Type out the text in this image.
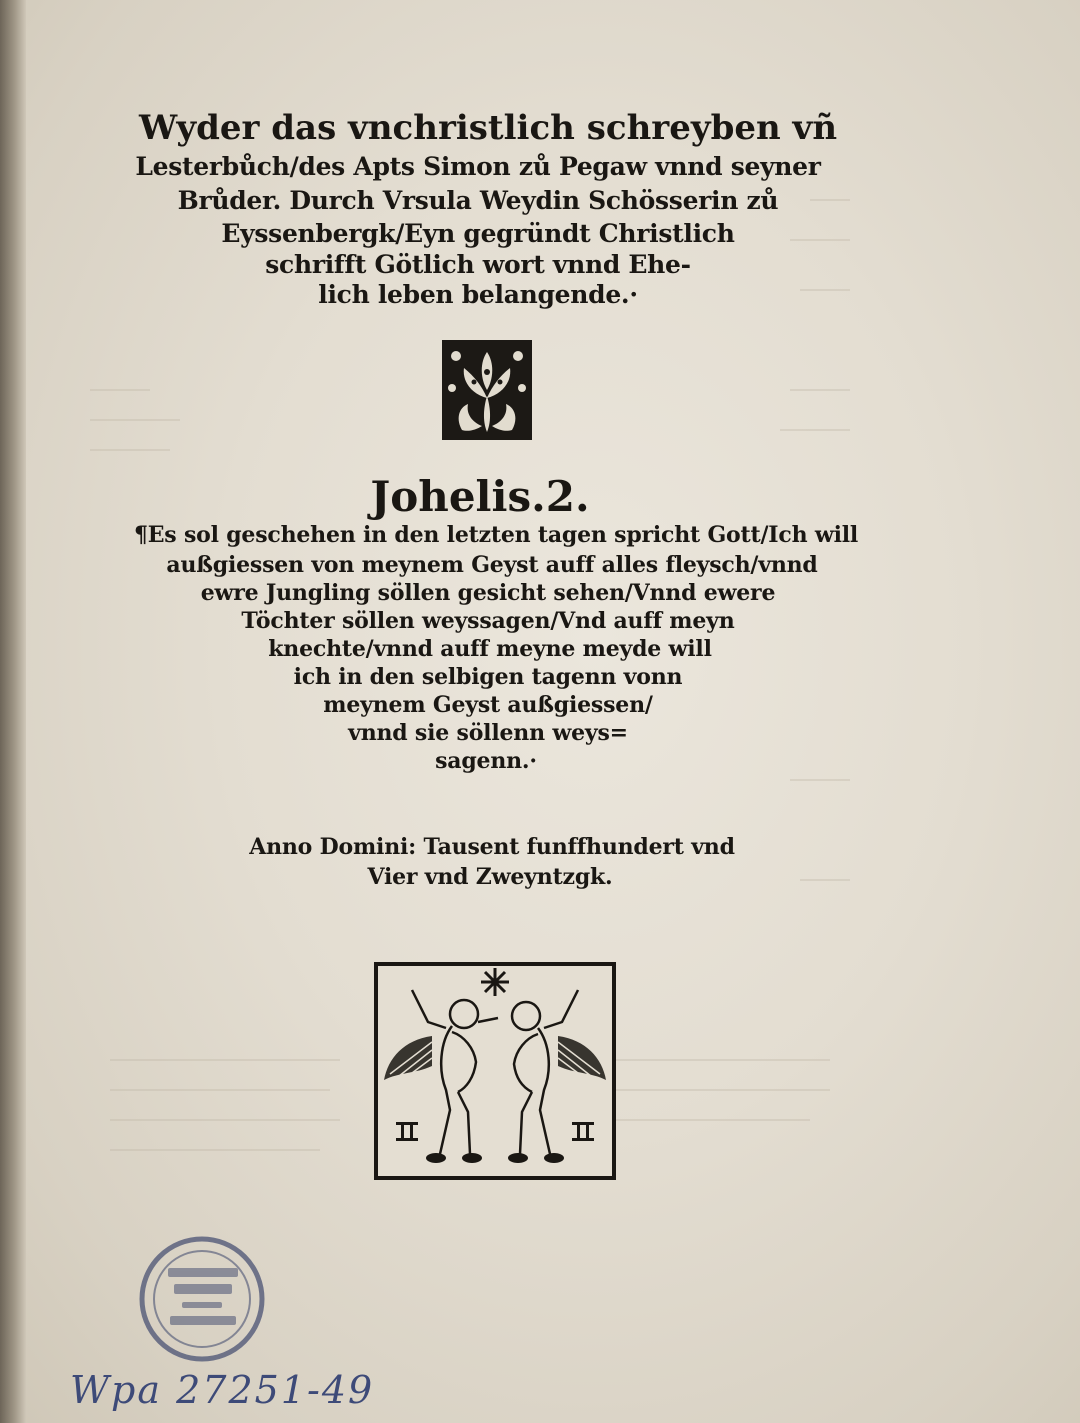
Wyder das vnchristlich schreyben vñ
Lesterbůch/des Apts Simon zů Pegaw vnnd seyner
Brůder. Durch Vrsula Weydin Schösserin zů
Eyssenbergk/Eyn gegründt Christlich
schrifft Götlich wort vnnd Ehe-
lich leben belangende.·
Johelis.2.
¶Es sol geschehen in den letzten tagen spricht Gott/Ich will
außgiessen von meynem Geyst auff alles fleysch/vnnd
ewre Jungling söllen gesicht sehen/Vnnd ewere
Töchter söllen weyssagen/Vnd auff meyn
knechte/vnnd auff meyne meyde will
ich in den selbigen tagenn vonn
meynem Geyst außgiessen/
vnnd sie söllenn weys=
sagenn.·
Anno Domini: Tausent funffhundert vnd
Vier vnd Zweyntzgk.
Wpa 27251-49
